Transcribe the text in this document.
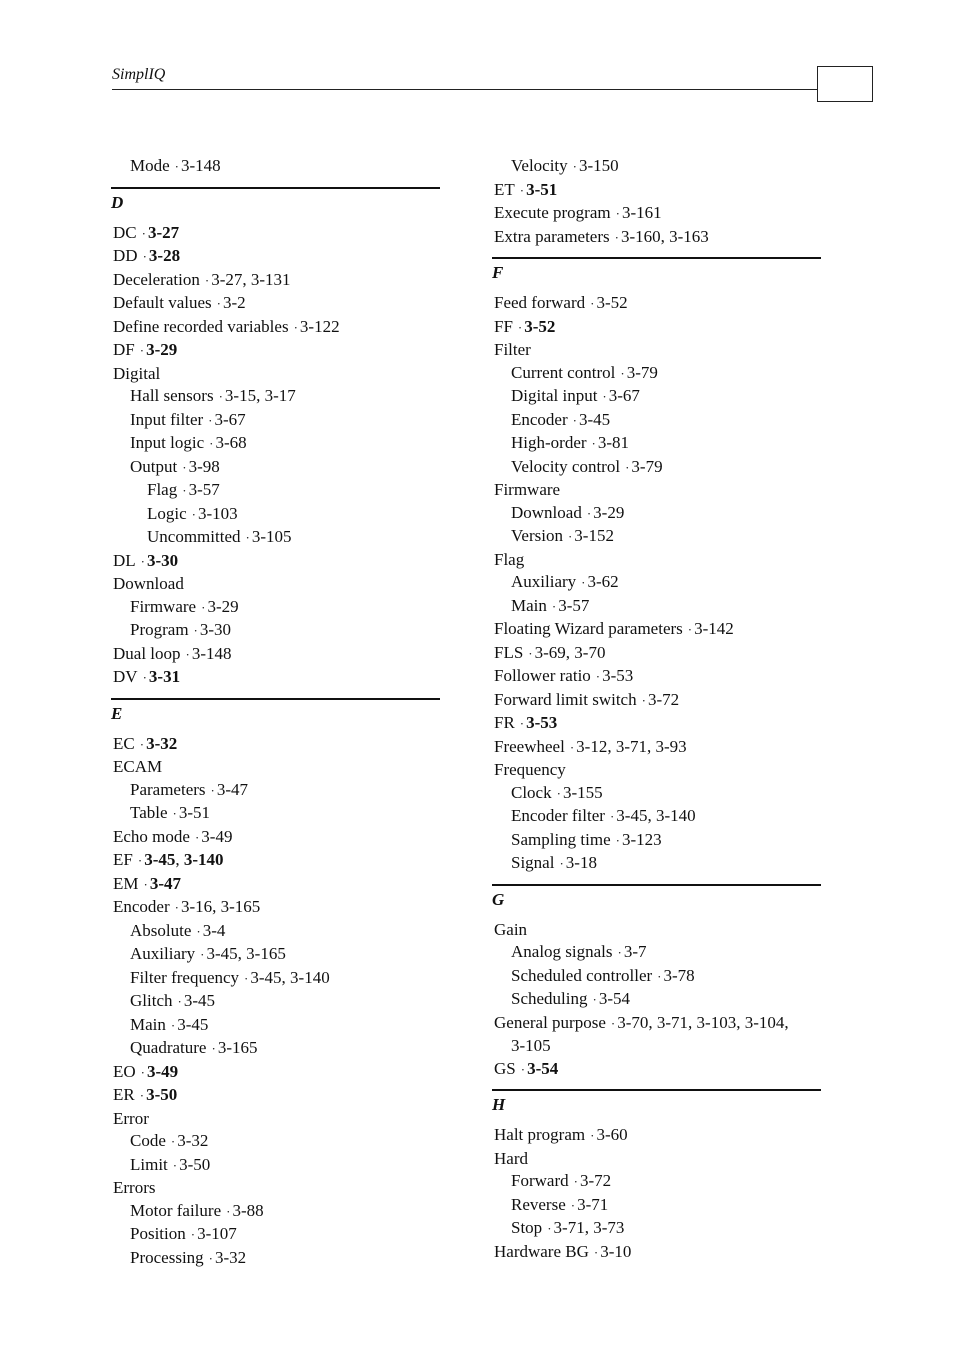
SimplIQ
Mode · 3-148
D
DC · 3-27
DD · 3-28
Deceleration · 3-27, 3-131
Default values · 3-2
Define recorded variables · 3-122
DF · 3-29
Digital
Hall sensors · 3-15, 3-17
Input filter · 3-67
Input logic · 3-68
Output · 3-98
Flag · 3-57
Logic · 3-103
Uncommitted · 3-105
DL · 3-30
Download
Firmware · 3-29
Program · 3-30
Dual loop · 3-148
DV · 3-31
E
EC · 3-32
ECAM
Parameters · 3-47
Table · 3-51
Echo mode · 3-49
EF · 3-45, 3-140
EM · 3-47
Encoder · 3-16, 3-165
Absolute · 3-4
Auxiliary · 3-45, 3-165
Filter frequency · 3-45, 3-140
Glitch · 3-45
Main · 3-45
Quadrature · 3-165
EO · 3-49
ER · 3-50
Error
Code · 3-32
Limit · 3-50
Errors
Motor failure · 3-88
Position · 3-107
Processing · 3-32
Velocity · 3-150
ET · 3-51
Execute program · 3-161
Extra parameters · 3-160, 3-163
F
Feed forward · 3-52
FF · 3-52
Filter
Current control · 3-79
Digital input · 3-67
Encoder · 3-45
High-order · 3-81
Velocity control · 3-79
Firmware
Download · 3-29
Version · 3-152
Flag
Auxiliary · 3-62
Main · 3-57
Floating Wizard parameters · 3-142
FLS · 3-69, 3-70
Follower ratio · 3-53
Forward limit switch · 3-72
FR · 3-53
Freewheel · 3-12, 3-71, 3-93
Frequency
Clock · 3-155
Encoder filter · 3-45, 3-140
Sampling time · 3-123
Signal · 3-18
G
Gain
Analog signals · 3-7
Scheduled controller · 3-78
Scheduling · 3-54
General purpose · 3-70, 3-71, 3-103, 3-104,
3-105
GS · 3-54
H
Halt program · 3-60
Hard
Forward · 3-72
Reverse · 3-71
Stop · 3-71, 3-73
Hardware BG · 3-10
